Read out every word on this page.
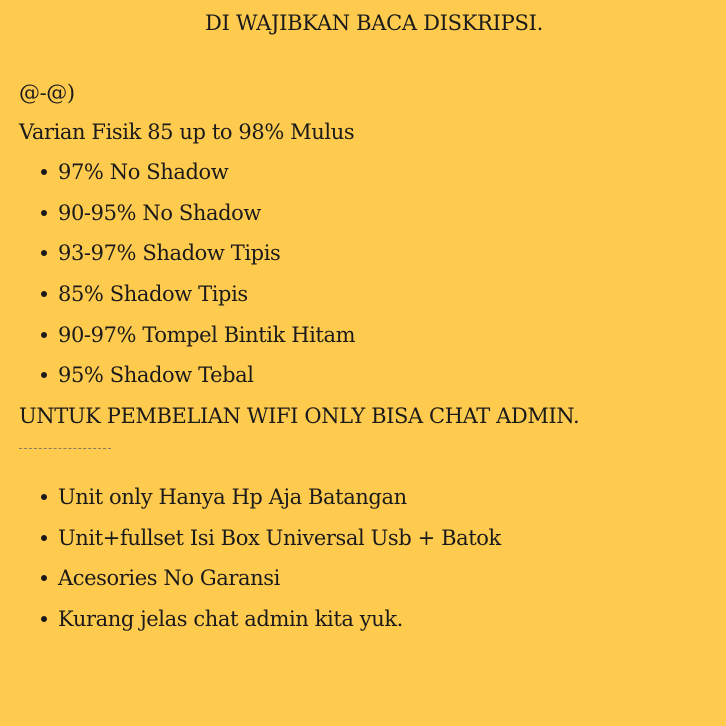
DI WAJIBKAN BACA DISKRIPSI.
@-@)
Varian Fisik 85 up to 98% Mulus
97% No Shadow
90-95% No Shadow
93-97% Shadow Tipis
85% Shadow Tipis
90-97% Tompel Bintik Hitam
95% Shadow Tebal
UNTUK PEMBELIAN WIFI ONLY BISA CHAT ADMIN.
Unit only Hanya Hp Aja Batangan
Unit+fullset Isi Box Universal Usb + Batok
Acesories No Garansi
Kurang jelas chat admin kita yuk.
